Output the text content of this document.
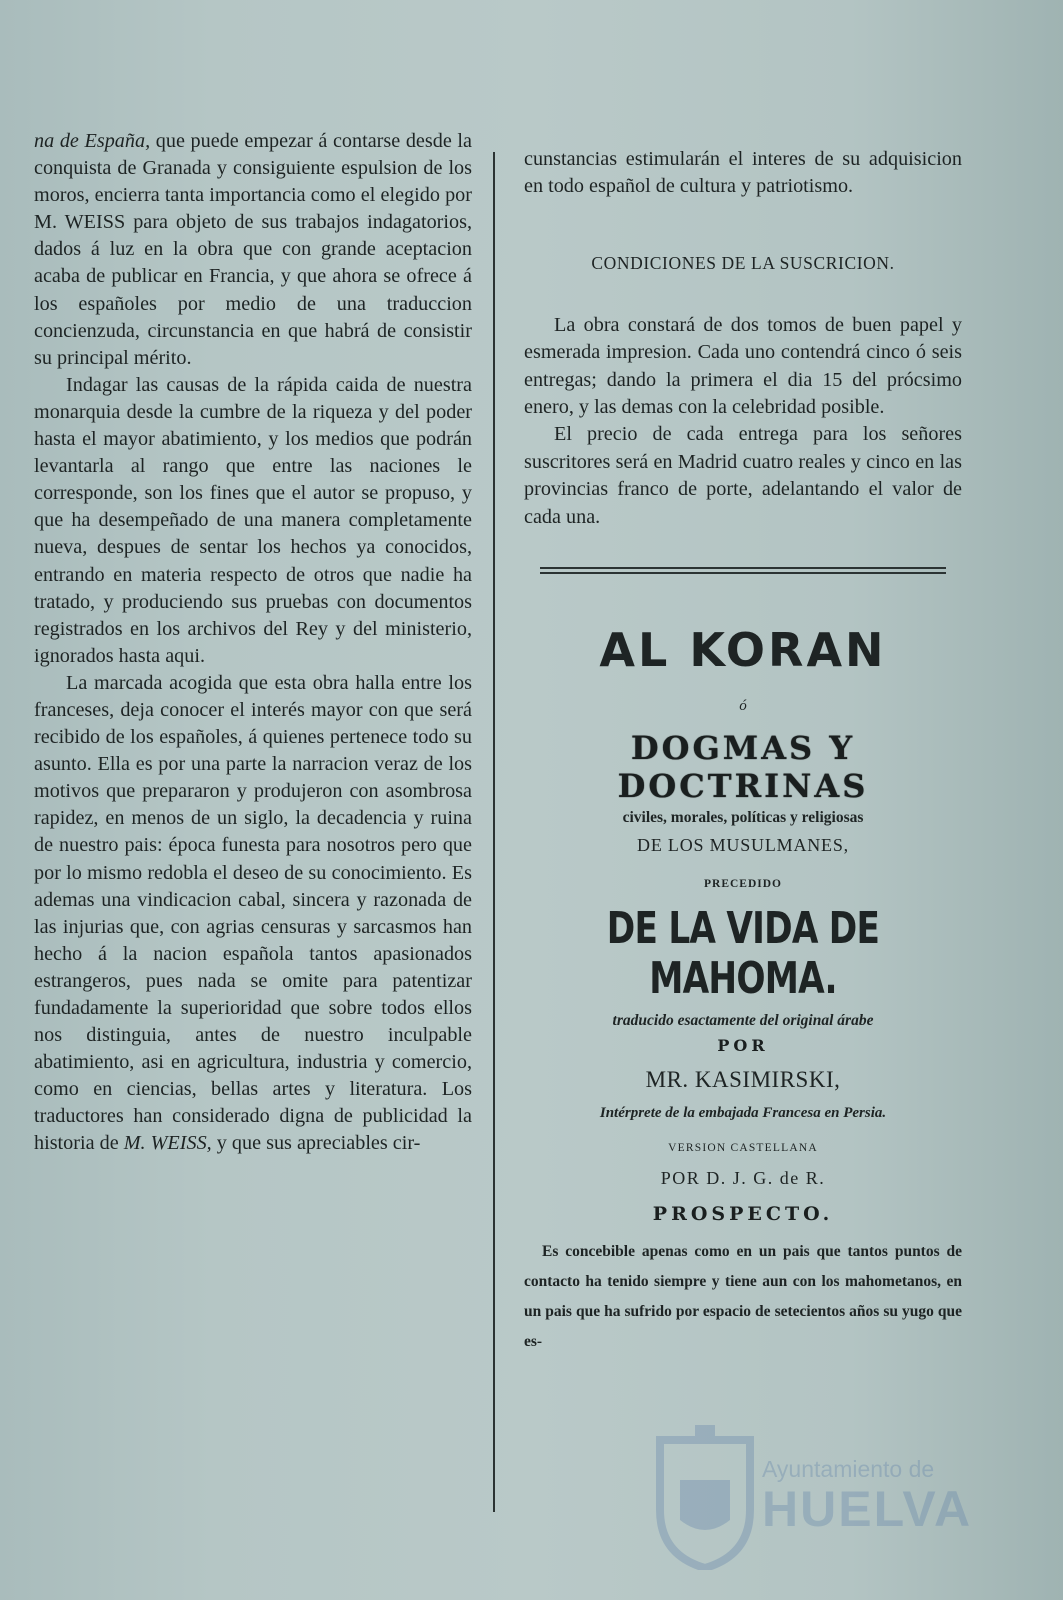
na de España, que puede empezar á contarse desde la conquista de Granada y consiguiente espulsion de los moros, encierra tanta importancia como el elegido por M. WEISS para objeto de sus trabajos indagatorios, dados á luz en la obra que con grande aceptacion acaba de publicar en Francia, y que ahora se ofrece á los españoles por medio de una traduccion concienzuda, circunstancia en que habrá de consistir su principal mérito.

Indagar las causas de la rápida caida de nuestra monarquia desde la cumbre de la riqueza y del poder hasta el mayor abatimiento, y los medios que podrán levantarla al rango que entre las naciones le corresponde, son los fines que el autor se propuso, y que ha desempeñado de una manera completamente nueva, despues de sentar los hechos ya conocidos, entrando en materia respecto de otros que nadie ha tratado, y produciendo sus pruebas con documentos registrados en los archivos del Rey y del ministerio, ignorados hasta aqui.

La marcada acogida que esta obra halla entre los franceses, deja conocer el interés mayor con que será recibido de los españoles, á quienes pertenece todo su asunto. Ella es por una parte la narracion veraz de los motivos que prepararon y produjeron con asombrosa rapidez, en menos de un siglo, la decadencia y ruina de nuestro pais: época funesta para nosotros pero que por lo mismo redobla el deseo de su conocimiento. Es ademas una vindicacion cabal, sincera y razonada de las injurias que, con agrias censuras y sarcasmos han hecho á la nacion española tantos apasionados estrangeros, pues nada se omite para patentizar fundadamente la superioridad que sobre todos ellos nos distinguia, antes de nuestro inculpable abatimiento, asi en agricultura, industria y comercio, como en ciencias, bellas artes y literatura. Los traductores han considerado digna de publicidad la historia de M. WEISS, y que sus apreciables cir-

cunstancias estimularán el interes de su adquisicion en todo español de cultura y patriotismo.

CONDICIONES DE LA SUSCRICION.

La obra constará de dos tomos de buen papel y esmerada impresion. Cada uno contendrá cinco ó seis entregas; dando la primera el dia 15 del prócsimo enero, y las demas con la celebridad posible.

El precio de cada entrega para los señores suscritores será en Madrid cuatro reales y cinco en las provincias franco de porte, adelantando el valor de cada una.

AL KORAN
ó
DOGMAS Y DOCTRINAS
civiles, morales, políticas y religiosas
DE LOS MUSULMANES,
PRECEDIDO
DE LA VIDA DE MAHOMA.
traducido esactamente del original árabe
POR
MR. KASIMIRSKI,
Intérprete de la embajada Francesa en Persia.
VERSION CASTELLANA
POR D. J. G. de R.
PROSPECTO.

Es concebible apenas como en un pais que tantos puntos de contacto ha tenido siempre y tiene aun con los mahometanos, en un pais que ha sufrido por espacio de setecientos años su yugo que es-

Ayuntamiento de
HUELVA
